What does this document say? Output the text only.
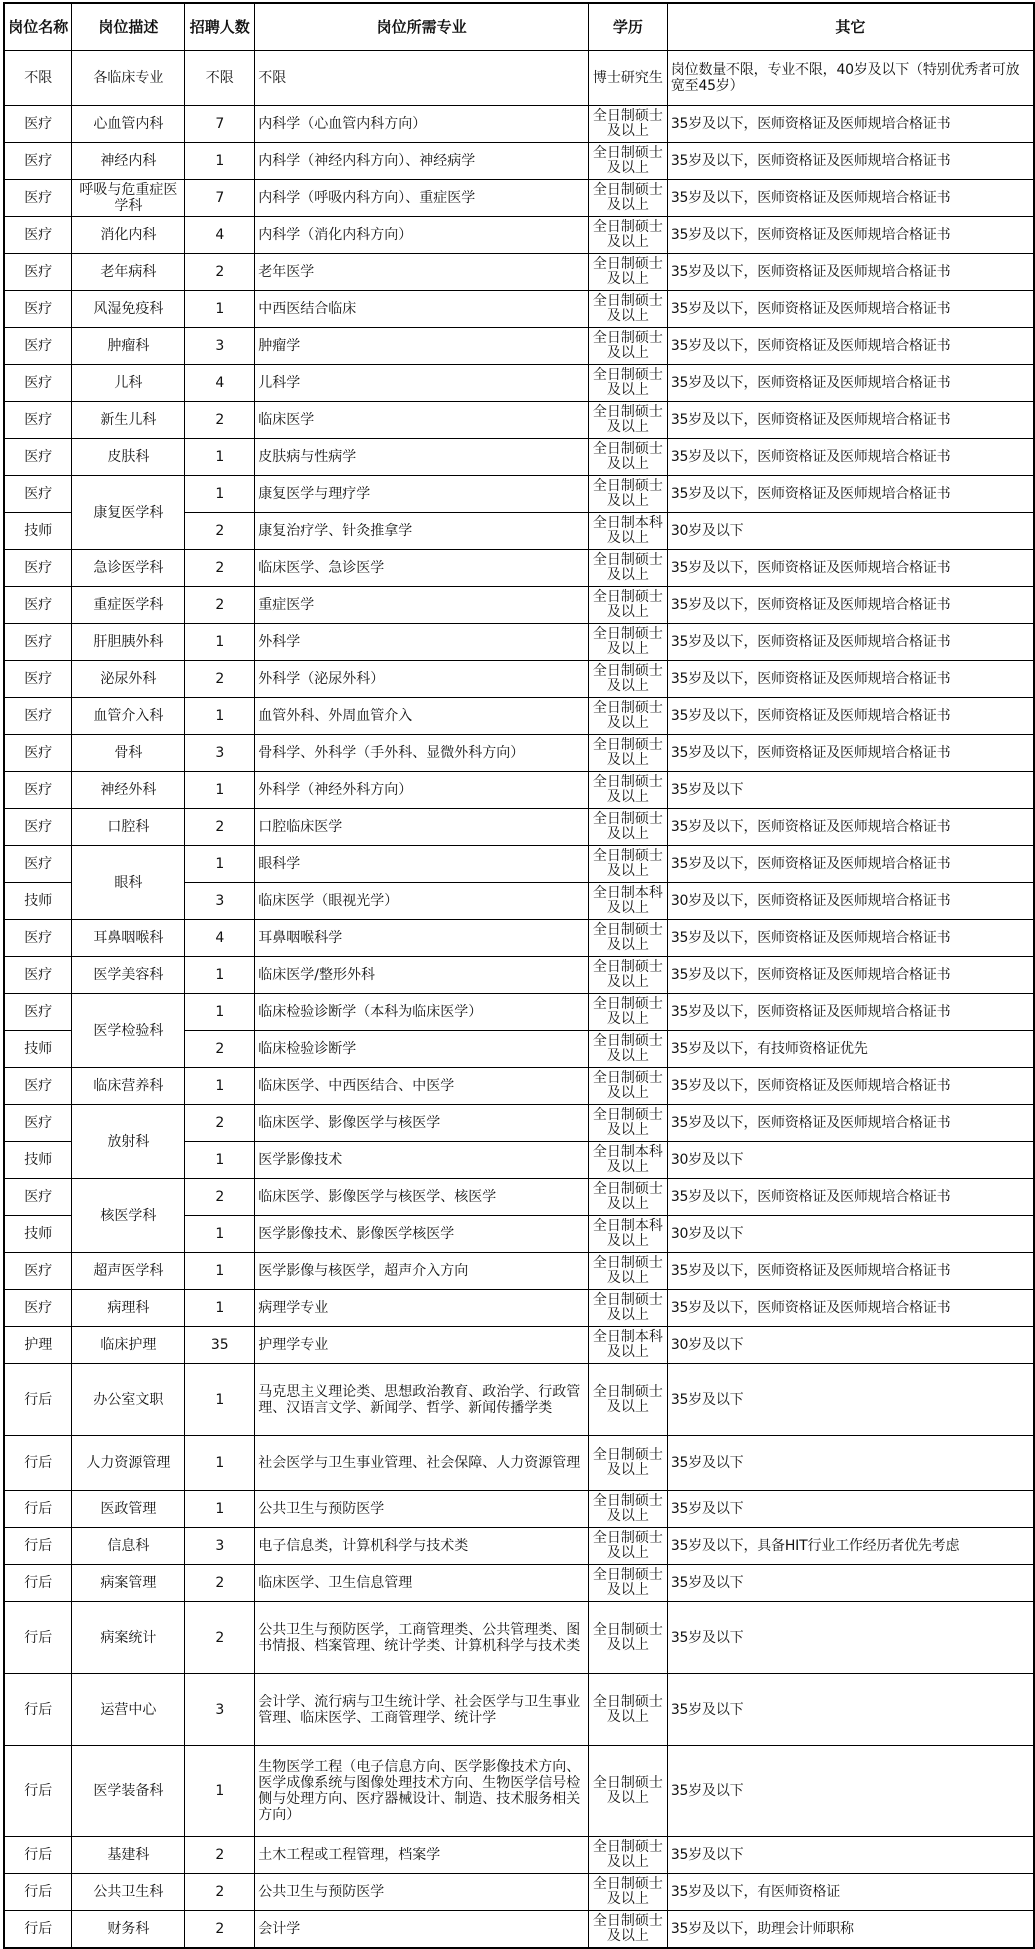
岗位名称	岗位描述	招聘人数	岗位所需专业	学历	其它
不限	各临床专业	不限	不限	博士研究生	岗位数量不限，专业不限，40岁及以下（特别优秀者可放宽至45岁）
医疗	心血管内科	7	内科学（心血管内科方向）	全日制硕士及以上	35岁及以下，医师资格证及医师规培合格证书
医疗	神经内科	1	内科学（神经内科方向）、神经病学	全日制硕士及以上	35岁及以下，医师资格证及医师规培合格证书
医疗	呼吸与危重症医学科	7	内科学（呼吸内科方向）、重症医学	全日制硕士及以上	35岁及以下，医师资格证及医师规培合格证书
医疗	消化内科	4	内科学（消化内科方向）	全日制硕士及以上	35岁及以下，医师资格证及医师规培合格证书
医疗	老年病科	2	老年医学	全日制硕士及以上	35岁及以下，医师资格证及医师规培合格证书
医疗	风湿免疫科	1	中西医结合临床	全日制硕士及以上	35岁及以下，医师资格证及医师规培合格证书
医疗	肿瘤科	3	肿瘤学	全日制硕士及以上	35岁及以下，医师资格证及医师规培合格证书
医疗	儿科	4	儿科学	全日制硕士及以上	35岁及以下，医师资格证及医师规培合格证书
医疗	新生儿科	2	临床医学	全日制硕士及以上	35岁及以下，医师资格证及医师规培合格证书
医疗	皮肤科	1	皮肤病与性病学	全日制硕士及以上	35岁及以下，医师资格证及医师规培合格证书
医疗	康复医学科	1	康复医学与理疗学	全日制硕士及以上	35岁及以下，医师资格证及医师规培合格证书
技师		2	康复治疗学、针灸推拿学	全日制本科及以上	30岁及以下
医疗	急诊医学科	2	临床医学、急诊医学	全日制硕士及以上	35岁及以下，医师资格证及医师规培合格证书
医疗	重症医学科	2	重症医学	全日制硕士及以上	35岁及以下，医师资格证及医师规培合格证书
医疗	肝胆胰外科	1	外科学	全日制硕士及以上	35岁及以下，医师资格证及医师规培合格证书
医疗	泌尿外科	2	外科学（泌尿外科）	全日制硕士及以上	35岁及以下，医师资格证及医师规培合格证书
医疗	血管介入科	1	血管外科、外周血管介入	全日制硕士及以上	35岁及以下，医师资格证及医师规培合格证书
医疗	骨科	3	骨科学、外科学（手外科、显微外科方向）	全日制硕士及以上	35岁及以下，医师资格证及医师规培合格证书
医疗	神经外科	1	外科学（神经外科方向）	全日制硕士及以上	35岁及以下
医疗	口腔科	2	口腔临床医学	全日制硕士及以上	35岁及以下，医师资格证及医师规培合格证书
医疗	眼科	1	眼科学	全日制硕士及以上	35岁及以下，医师资格证及医师规培合格证书
技师		3	临床医学（眼视光学）	全日制本科及以上	30岁及以下，医师资格证及医师规培合格证书
医疗	耳鼻咽喉科	4	耳鼻咽喉科学	全日制硕士及以上	35岁及以下，医师资格证及医师规培合格证书
医疗	医学美容科	1	临床医学/整形外科	全日制硕士及以上	35岁及以下，医师资格证及医师规培合格证书
医疗	医学检验科	1	临床检验诊断学（本科为临床医学）	全日制硕士及以上	35岁及以下，医师资格证及医师规培合格证书
技师		2	临床检验诊断学	全日制硕士及以上	35岁及以下，有技师资格证优先
医疗	临床营养科	1	临床医学、中西医结合、中医学	全日制硕士及以上	35岁及以下，医师资格证及医师规培合格证书
医疗	放射科	2	临床医学、影像医学与核医学	全日制硕士及以上	35岁及以下，医师资格证及医师规培合格证书
技师		1	医学影像技术	全日制本科及以上	30岁及以下
医疗	核医学科	2	临床医学、影像医学与核医学、核医学	全日制硕士及以上	35岁及以下，医师资格证及医师规培合格证书
技师		1	医学影像技术、影像医学核医学	全日制本科及以上	30岁及以下
医疗	超声医学科	1	医学影像与核医学，超声介入方向	全日制硕士及以上	35岁及以下，医师资格证及医师规培合格证书
医疗	病理科	1	病理学专业	全日制硕士及以上	35岁及以下，医师资格证及医师规培合格证书
护理	临床护理	35	护理学专业	全日制本科及以上	30岁及以下
行后	办公室文职	1	马克思主义理论类、思想政治教育、政治学、行政管理、汉语言文学、新闻学、哲学、新闻传播学类	全日制硕士及以上	35岁及以下
行后	人力资源管理	1	社会医学与卫生事业管理、社会保障、人力资源管理	全日制硕士及以上	35岁及以下
行后	医政管理	1	公共卫生与预防医学	全日制硕士及以上	35岁及以下
行后	信息科	3	电子信息类，计算机科学与技术类	全日制硕士及以上	35岁及以下，具备HIT行业工作经历者优先考虑
行后	病案管理	2	临床医学、卫生信息管理	全日制硕士及以上	35岁及以下
行后	病案统计	2	公共卫生与预防医学，工商管理类、公共管理类、图书情报、档案管理、统计学类、计算机科学与技术类	全日制硕士及以上	35岁及以下
行后	运营中心	3	会计学、流行病与卫生统计学、社会医学与卫生事业管理、临床医学、工商管理学、统计学	全日制硕士及以上	35岁及以下
行后	医学装备科	1	生物医学工程（电子信息方向、医学影像技术方向、医学成像系统与图像处理技术方向、生物医学信号检侧与处理方向、医疗器械设计、制造、技术服务相关方向）	全日制硕士及以上	35岁及以下
行后	基建科	2	土木工程或工程管理，档案学	全日制硕士及以上	35岁及以下
行后	公共卫生科	2	公共卫生与预防医学	全日制硕士及以上	35岁及以下，有医师资格证
行后	财务科	2	会计学	全日制硕士及以上	35岁及以下，助理会计师职称
